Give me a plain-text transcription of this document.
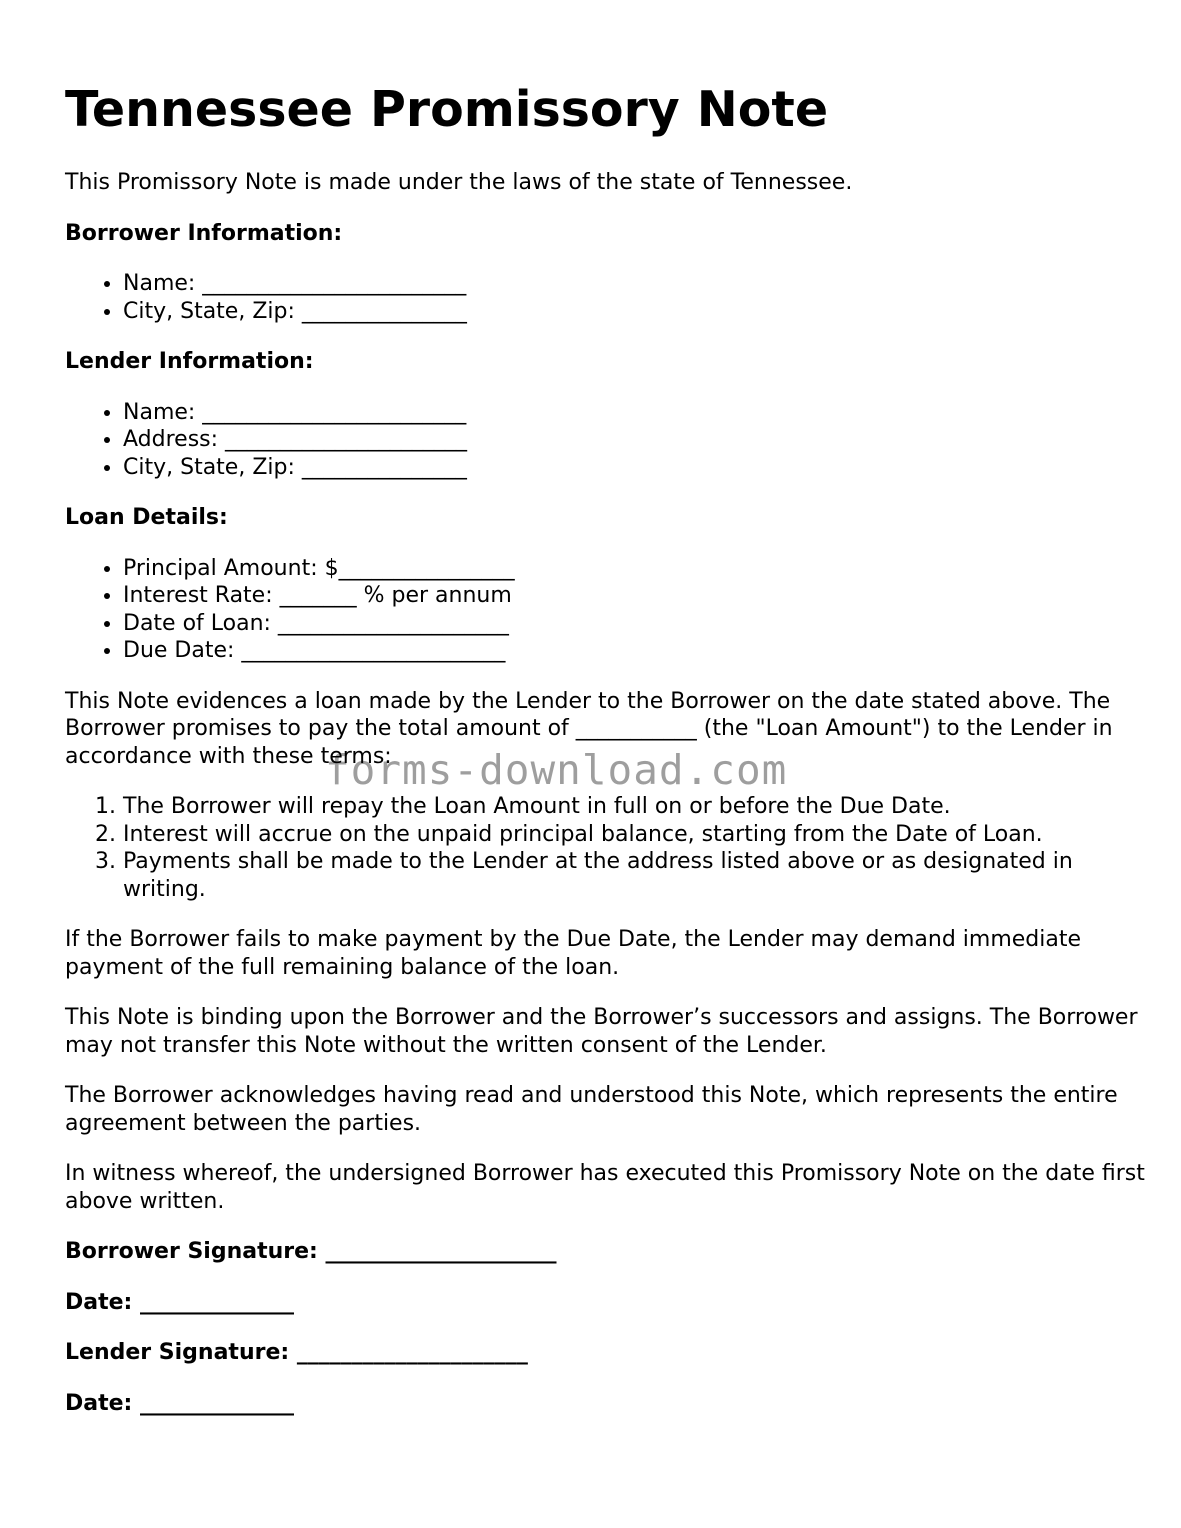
Tennessee Promissory Note

This Promissory Note is made under the laws of the state of Tennessee.

Borrower Information:

• Name: ________________________
• City, State, Zip: _______________

Lender Information:

• Name: ________________________
• Address: ______________________
• City, State, Zip: _______________

Loan Details:

• Principal Amount: $________________
• Interest Rate: _______ % per annum
• Date of Loan: _____________________
• Due Date: ________________________

This Note evidences a loan made by the Lender to the Borrower on the date stated above. The Borrower promises to pay the total amount of ___________ (the "Loan Amount") to the Lender in accordance with these terms:

1. The Borrower will repay the Loan Amount in full on or before the Due Date.
2. Interest will accrue on the unpaid principal balance, starting from the Date of Loan.
3. Payments shall be made to the Lender at the address listed above or as designated in writing.

If the Borrower fails to make payment by the Due Date, the Lender may demand immediate payment of the full remaining balance of the loan.

This Note is binding upon the Borrower and the Borrower’s successors and assigns. The Borrower may not transfer this Note without the written consent of the Lender.

The Borrower acknowledges having read and understood this Note, which represents the entire agreement between the parties.

In witness whereof, the undersigned Borrower has executed this Promissory Note on the date first above written.

Borrower Signature: _____________________

Date: ______________

Lender Signature: _____________________

Date: ______________

forms-download.com
